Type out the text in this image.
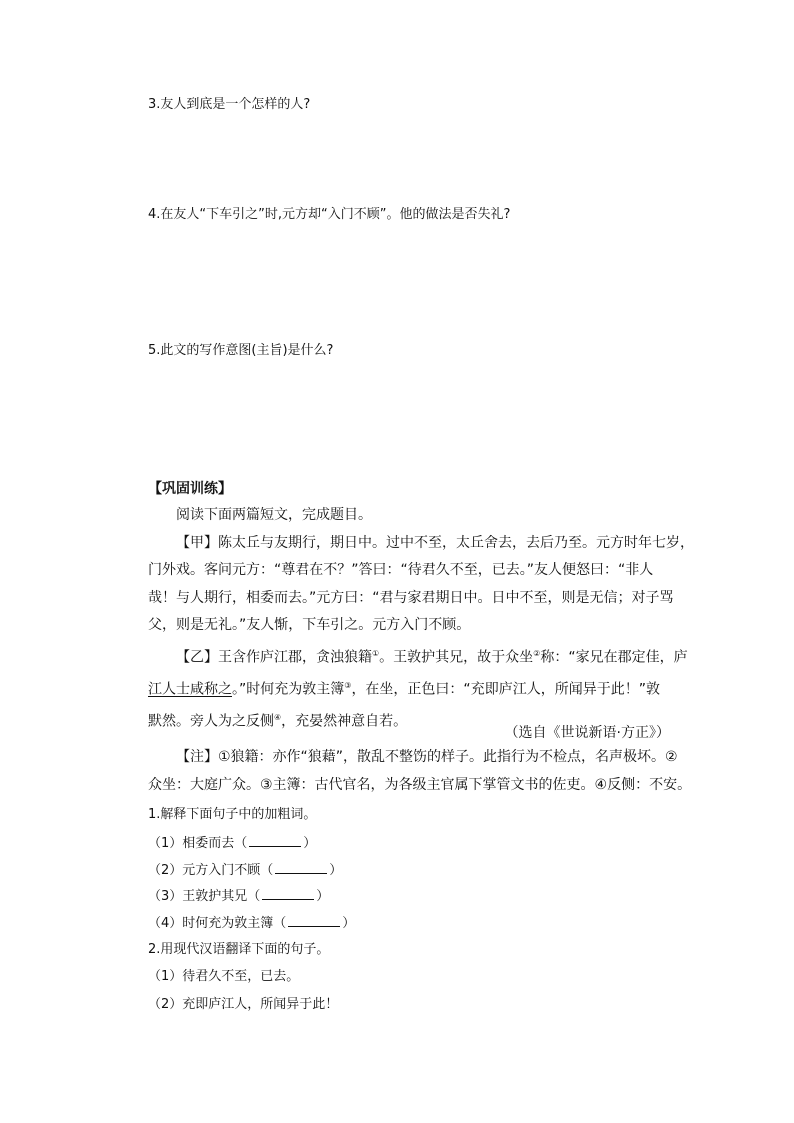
3.友人到底是一个怎样的人?
4.在友人“下车引之”时,元方却“入门不顾”。他的做法是否失礼?
5.此文的写作意图(主旨)是什么?
【巩固训练】
阅读下面两篇短文，完成题目。
【甲】陈太丘与友期行，期日中。过中不至，太丘舍去，去后乃至。元方时年七岁，
门外戏。客问元方：“尊君在不？”答曰：“待君久不至，已去。”友人便怒曰：“非人
哉！与人期行，相委而去。”元方曰：“君与家君期日中。日中不至，则是无信；对子骂
父，则是无礼。”友人惭，下车引之。元方入门不顾。
【乙】王含作庐江郡，贪浊狼籍①。王敦护其兄，故于众坐②称：“家兄在郡定佳，庐
江人士咸称之。”时何充为敦主簿③，在坐，正色曰：“充即庐江人，所闻异于此！”敦
默然。旁人为之反侧④，充晏然神意自若。
（选自《世说新语·方正》）
【注】①狼籍：亦作“狼藉”，散乱不整饬的样子。此指行为不检点，名声极坏。②
众坐：大庭广众。③主簿：古代官名，为各级主官属下掌管文书的佐吏。④反侧：不安。
1.解释下面句子中的加粗词。
（1）相委而去（	）
（2）元方入门不顾（	）
（3）王敦护其兄（	）
（4）时何充为敦主簿（	）
2.用现代汉语翻译下面的句子。
（1）待君久不至，已去。
（2）充即庐江人，所闻异于此！
